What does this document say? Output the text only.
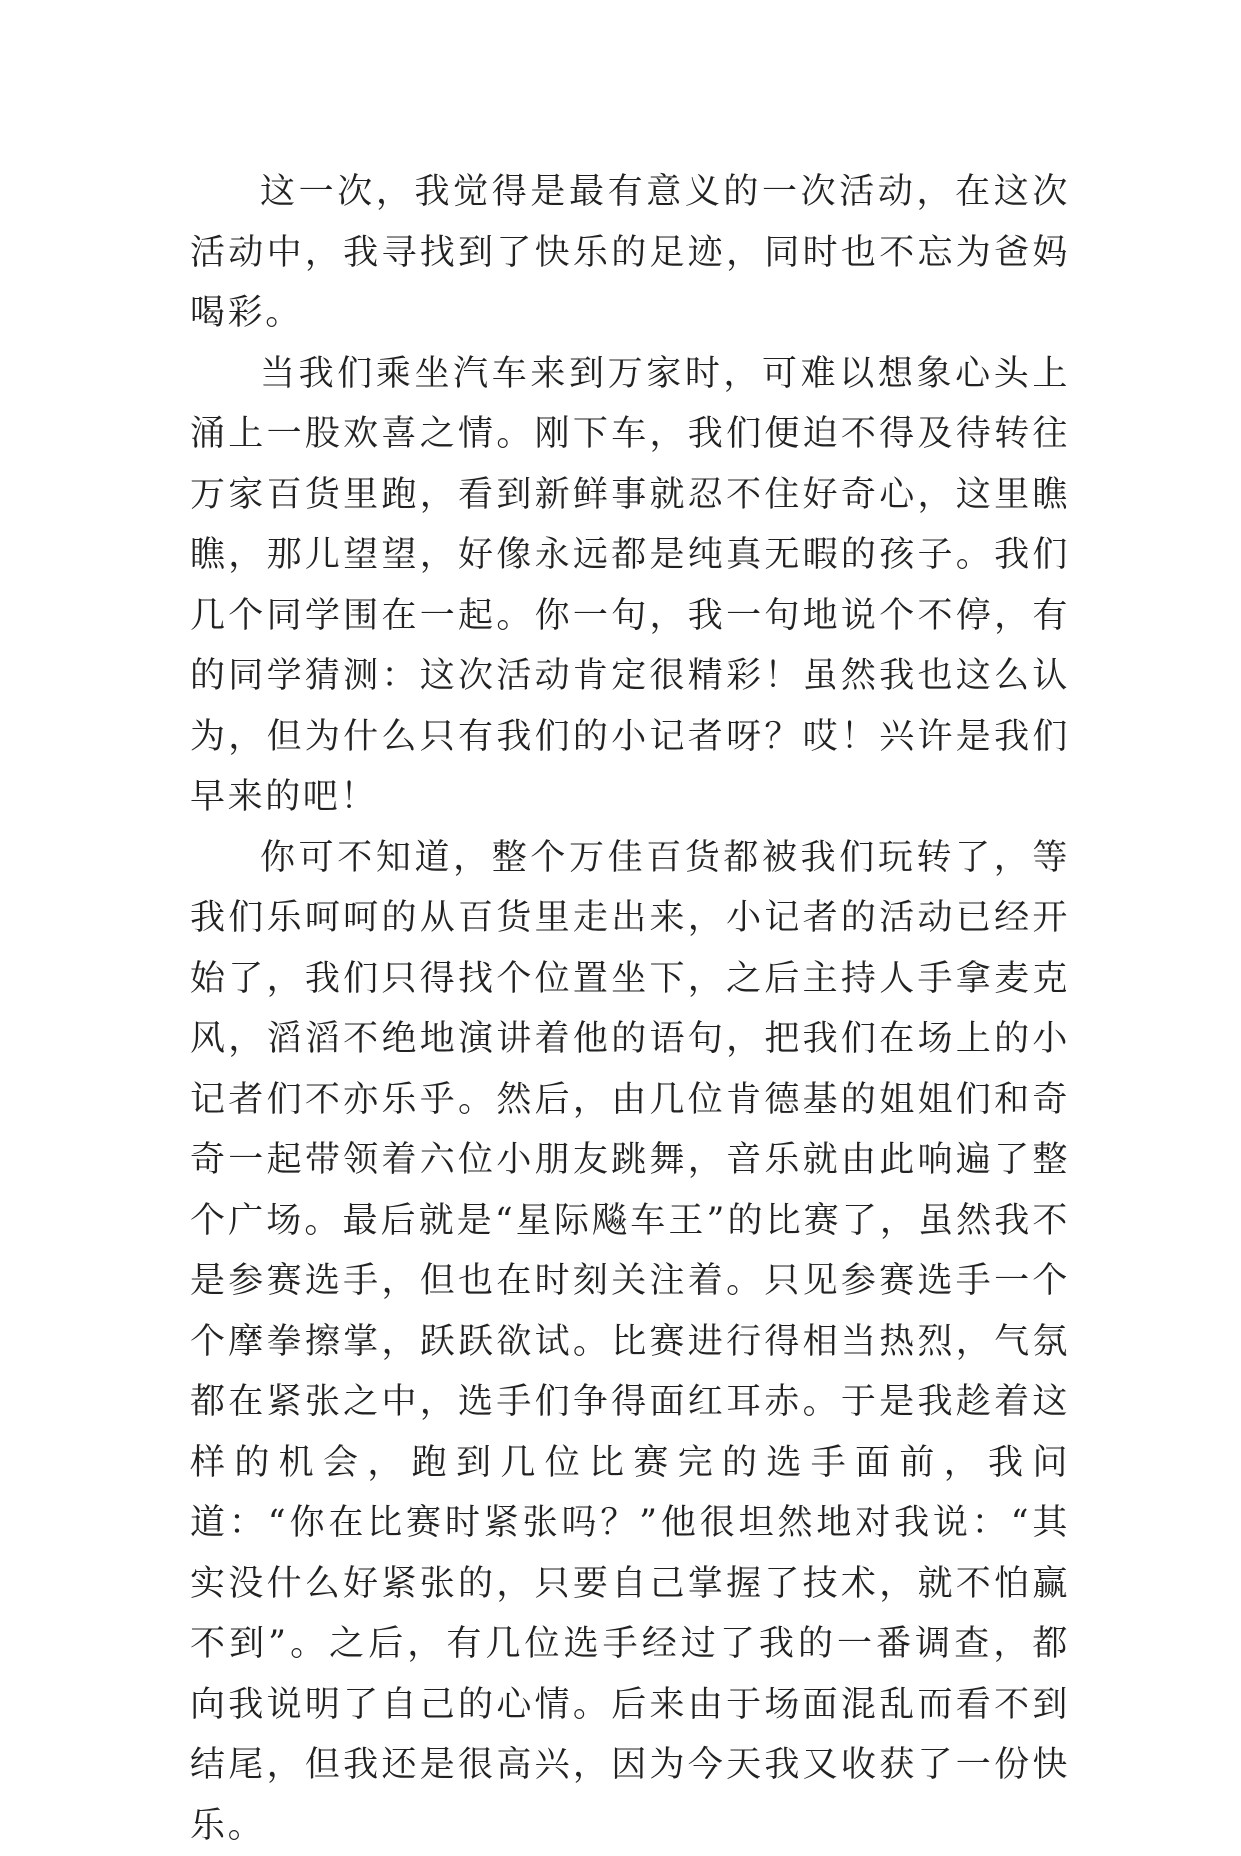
这一次，我觉得是最有意义的一次活动，在这次活动中，我寻找到了快乐的足迹，同时也不忘为爸妈喝彩。

当我们乘坐汽车来到万家时，可难以想象心头上涌上一股欢喜之情。刚下车，我们便迫不得及待转往万家百货里跑，看到新鲜事就忍不住好奇心，这里瞧瞧，那儿望望，好像永远都是纯真无暇的孩子。我们几个同学围在一起。你一句，我一句地说个不停，有的同学猜测：这次活动肯定很精彩！虽然我也这么认为，但为什么只有我们的小记者呀？哎！兴许是我们早来的吧！

你可不知道，整个万佳百货都被我们玩转了，等我们乐呵呵的从百货里走出来，小记者的活动已经开始了，我们只得找个位置坐下，之后主持人手拿麦克风，滔滔不绝地演讲着他的语句，把我们在场上的小记者们不亦乐乎。然后，由几位肯德基的姐姐们和奇奇一起带领着六位小朋友跳舞，音乐就由此响遍了整个广场。最后就是“星际飚车王”的比赛了，虽然我不是参赛选手，但也在时刻关注着。只见参赛选手一个个摩拳擦掌，跃跃欲试。比赛进行得相当热烈，气氛都在紧张之中，选手们争得面红耳赤。于是我趁着这样的机会，跑到几位比赛完的选手面前，我问道：“你在比赛时紧张吗？”他很坦然地对我说：“其实没什么好紧张的，只要自己掌握了技术，就不怕赢不到”。之后，有几位选手经过了我的一番调查，都向我说明了自己的心情。后来由于场面混乱而看不到结尾，但我还是很高兴，因为今天我又收获了一份快乐。
